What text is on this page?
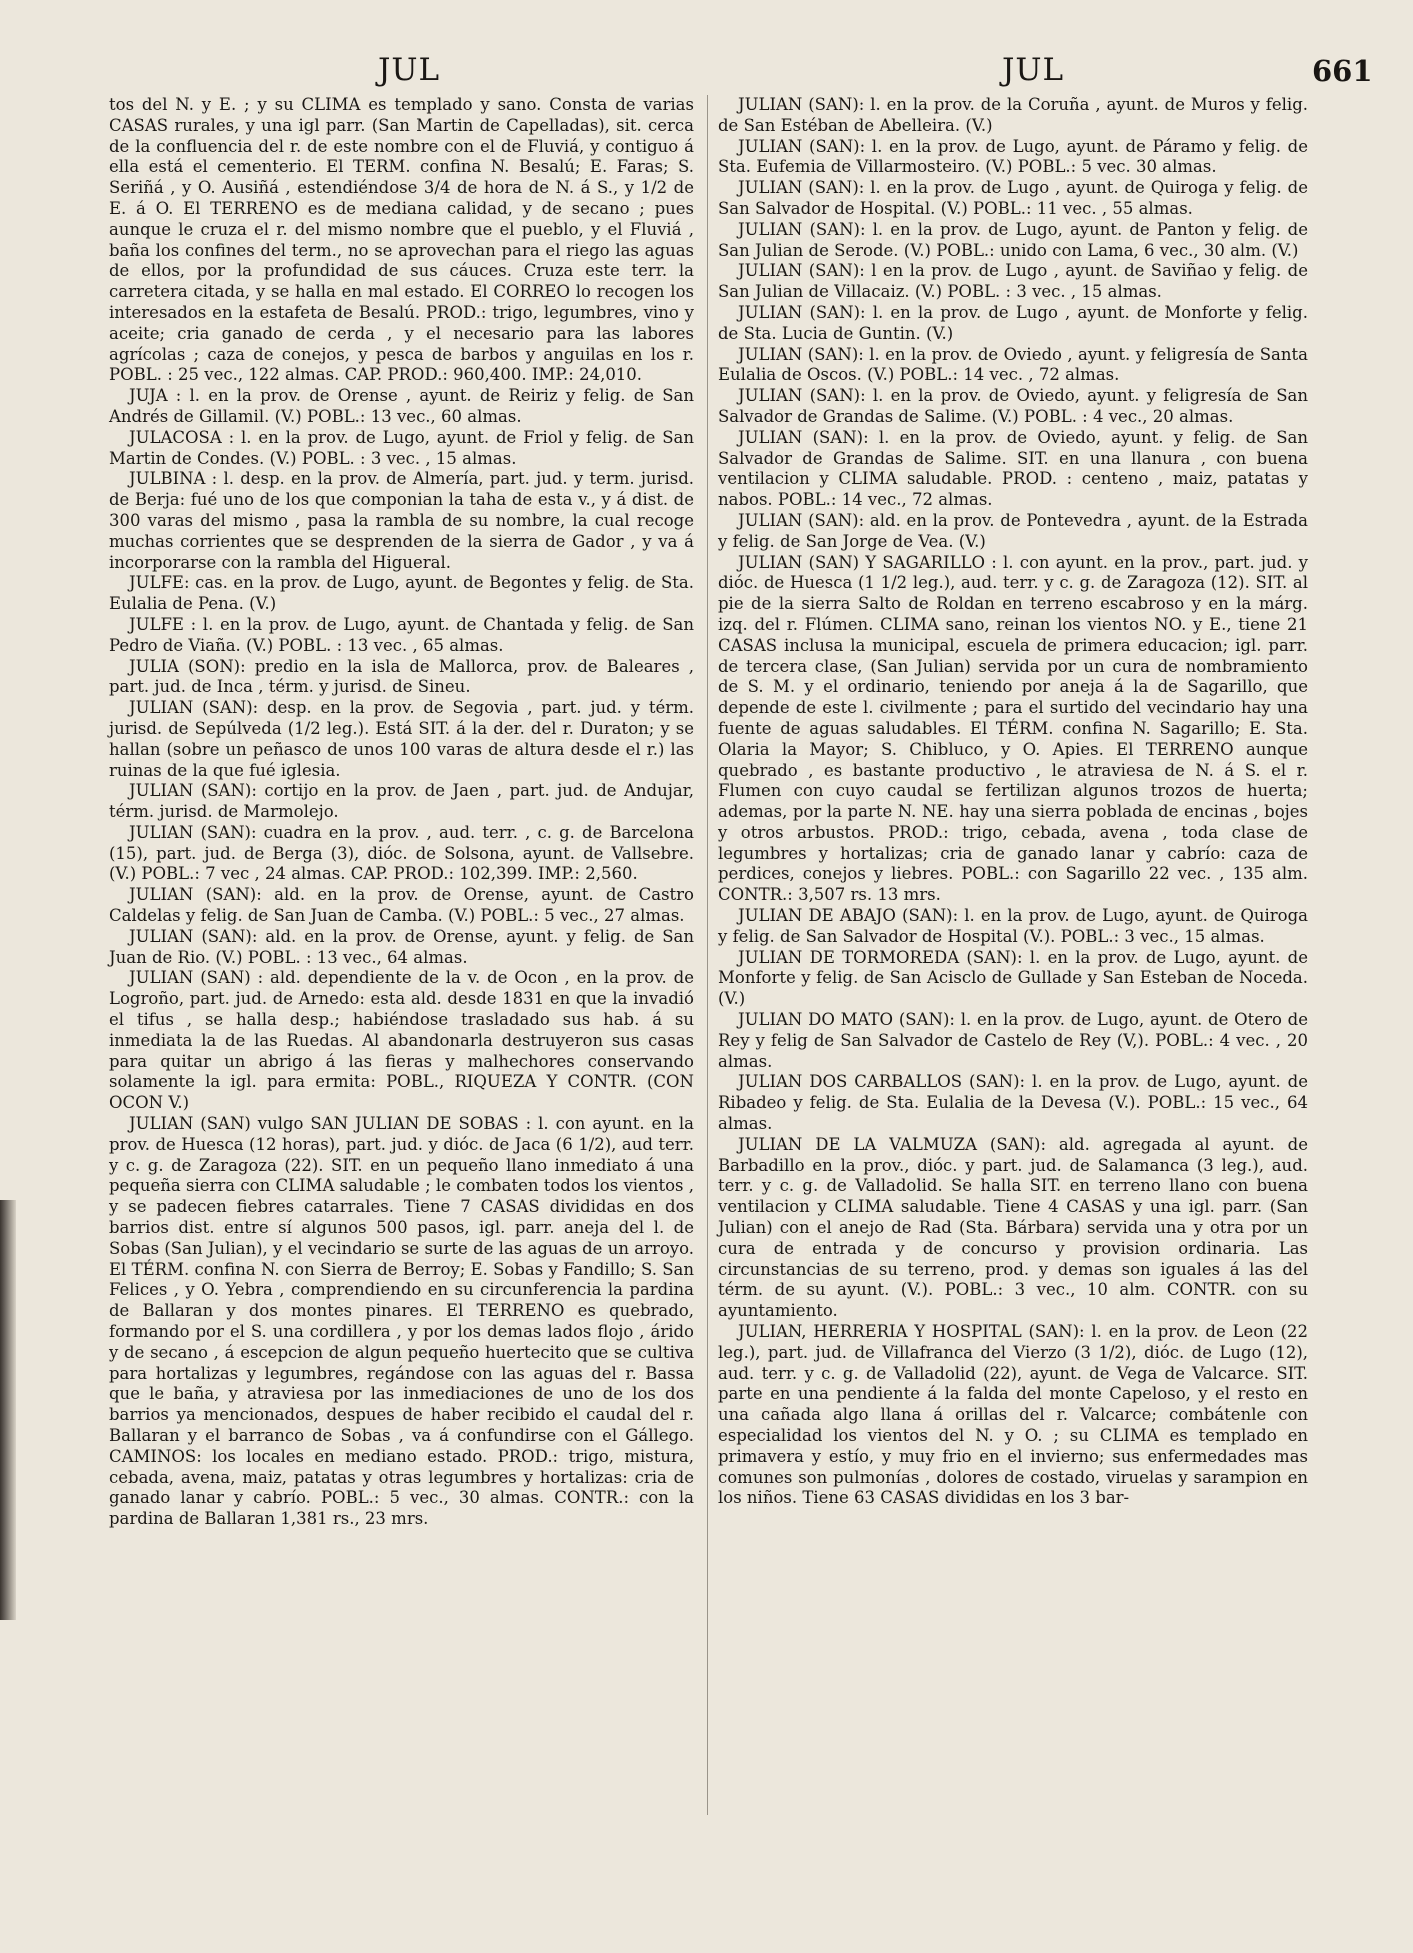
JUL	JUL	661

tos del N. y E. ; y su CLIMA es templado y sano. Consta de varias CASAS rurales, y una igl parr. (San Martin de Capelladas), sit. cerca de la confluencia del r. de este nombre con el de Fluviá, y contiguo á ella está el cementerio. El TERM. confina N. Besalú; E. Faras; S. Seriñá , y O. Ausiñá , estendiéndose 3/4 de hora de N. á S., y 1/2 de E. á O. El TERRENO es de mediana calidad, y de secano ; pues aunque le cruza el r. del mismo nombre que el pueblo, y el Fluviá , baña los confines del term., no se aprovechan para el riego las aguas de ellos, por la profundidad de sus cáuces. Cruza este terr. la carretera citada, y se halla en mal estado. El CORREO lo recogen los interesados en la estafeta de Besalú. PROD.: trigo, legumbres, vino y aceite; cria ganado de cerda , y el necesario para las labores agrícolas ; caza de conejos, y pesca de barbos y anguilas en los r. POBL. : 25 vec., 122 almas. CAP. PROD.: 960,400. IMP.: 24,010.

JUJA : l. en la prov. de Orense , ayunt. de Reiriz y felig. de San Andrés de Gillamil. (V.) POBL.: 13 vec., 60 almas.

JULACOSA : l. en la prov. de Lugo, ayunt. de Friol y felig. de San Martin de Condes. (V.) POBL. : 3 vec. , 15 almas.

JULBINA : l. desp. en la prov. de Almería, part. jud. y term. jurisd. de Berja: fué uno de los que componian la taha de esta v., y á dist. de 300 varas del mismo , pasa la rambla de su nombre, la cual recoge muchas corrientes que se desprenden de la sierra de Gador , y va á incorporarse con la rambla del Higueral.

JULFE: cas. en la prov. de Lugo, ayunt. de Begontes y felig. de Sta. Eulalia de Pena. (V.)

JULFE : l. en la prov. de Lugo, ayunt. de Chantada y felig. de San Pedro de Viaña. (V.) POBL. : 13 vec. , 65 almas.

JULIA (SON): predio en la isla de Mallorca, prov. de Baleares , part. jud. de Inca , térm. y jurisd. de Sineu.

JULIAN (SAN): desp. en la prov. de Segovia , part. jud. y térm. jurisd. de Sepúlveda (1/2 leg.). Está SIT. á la der. del r. Duraton; y se hallan (sobre un peñasco de unos 100 varas de altura desde el r.) las ruinas de la que fué iglesia.

JULIAN (SAN): cortijo en la prov. de Jaen , part. jud. de Andujar, térm. jurisd. de Marmolejo.

JULIAN (SAN): cuadra en la prov. , aud. terr. , c. g. de Barcelona (15), part. jud. de Berga (3), dióc. de Solsona, ayunt. de Vallsebre. (V.) POBL.: 7 vec , 24 almas. CAP. PROD.: 102,399. IMP.: 2,560.

JULIAN (SAN): ald. en la prov. de Orense, ayunt. de Castro Caldelas y felig. de San Juan de Camba. (V.) POBL.: 5 vec., 27 almas.

JULIAN (SAN): ald. en la prov. de Orense, ayunt. y felig. de San Juan de Rio. (V.) POBL. : 13 vec., 64 almas.

JULIAN (SAN) : ald. dependiente de la v. de Ocon , en la prov. de Logroño, part. jud. de Arnedo: esta ald. desde 1831 en que la invadió el tifus , se halla desp.; habiéndose trasladado sus hab. á su inmediata la de las Ruedas. Al abandonarla destruyeron sus casas para quitar un abrigo á las fieras y malhechores conservando solamente la igl. para ermita: POBL., RIQUEZA Y CONTR. (CON OCON V.)

JULIAN (SAN) vulgo SAN JULIAN DE SOBAS : l. con ayunt. en la prov. de Huesca (12 horas), part. jud. y dióc. de Jaca (6 1/2), aud terr. y c. g. de Zaragoza (22). SIT. en un pequeño llano inmediato á una pequeña sierra con CLIMA saludable ; le combaten todos los vientos , y se padecen fiebres catarrales. Tiene 7 CASAS divididas en dos barrios dist. entre sí algunos 500 pasos, igl. parr. aneja del l. de Sobas (San Julian), y el vecindario se surte de las aguas de un arroyo. El TÉRM. confina N. con Sierra de Berroy; E. Sobas y Fandillo; S. San Felices , y O. Yebra , comprendiendo en su circunferencia la pardina de Ballaran y dos montes pinares. El TERRENO es quebrado, formando por el S. una cordillera , y por los demas lados flojo , árido y de secano , á escepcion de algun pequeño huertecito que se cultiva para hortalizas y legumbres, regándose con las aguas del r. Bassa que le baña, y atraviesa por las inmediaciones de uno de los dos barrios ya mencionados, despues de haber recibido el caudal del r. Ballaran y el barranco de Sobas , va á confundirse con el Gállego. CAMINOS: los locales en mediano estado. PROD.: trigo, mistura, cebada, avena, maiz, patatas y otras legumbres y hortalizas: cria de ganado lanar y cabrío. POBL.: 5 vec., 30 almas. CONTR.: con la pardina de Ballaran 1,381 rs., 23 mrs.

JULIAN (SAN): l. en la prov. de la Coruña , ayunt. de Muros y felig. de San Estéban de Abelleira. (V.)

JULIAN (SAN): l. en la prov. de Lugo, ayunt. de Páramo y felig. de Sta. Eufemia de Villarmosteiro. (V.) POBL.: 5 vec. 30 almas.

JULIAN (SAN): l. en la prov. de Lugo , ayunt. de Quiroga y felig. de San Salvador de Hospital. (V.) POBL.: 11 vec. , 55 almas.

JULIAN (SAN): l. en la prov. de Lugo, ayunt. de Panton y felig. de San Julian de Serode. (V.) POBL.: unido con Lama, 6 vec., 30 alm. (V.)

JULIAN (SAN): l en la prov. de Lugo , ayunt. de Saviñao y felig. de San Julian de Villacaiz. (V.) POBL. : 3 vec. , 15 almas.

JULIAN (SAN): l. en la prov. de Lugo , ayunt. de Monforte y felig. de Sta. Lucia de Guntin. (V.)

JULIAN (SAN): l. en la prov. de Oviedo , ayunt. y feligresía de Santa Eulalia de Oscos. (V.) POBL.: 14 vec. , 72 almas.

JULIAN (SAN): l. en la prov. de Oviedo, ayunt. y feligresía de San Salvador de Grandas de Salime. (V.) POBL. : 4 vec., 20 almas.

JULIAN (SAN): l. en la prov. de Oviedo, ayunt. y felig. de San Salvador de Grandas de Salime. SIT. en una llanura , con buena ventilacion y CLIMA saludable. PROD. : centeno , maiz, patatas y nabos. POBL.: 14 vec., 72 almas.

JULIAN (SAN): ald. en la prov. de Pontevedra , ayunt. de la Estrada y felig. de San Jorge de Vea. (V.)

JULIAN (SAN) Y SAGARILLO : l. con ayunt. en la prov., part. jud. y dióc. de Huesca (1 1/2 leg.), aud. terr. y c. g. de Zaragoza (12). SIT. al pie de la sierra Salto de Roldan en terreno escabroso y en la márg. izq. del r. Flúmen. CLIMA sano, reinan los vientos NO. y E., tiene 21 CASAS inclusa la municipal, escuela de primera educacion; igl. parr. de tercera clase, (San Julian) servida por un cura de nombramiento de S. M. y el ordinario, teniendo por aneja á la de Sagarillo, que depende de este l. civilmente ; para el surtido del vecindario hay una fuente de aguas saludables. El TÉRM. confina N. Sagarillo; E. Sta. Olaria la Mayor; S. Chibluco, y O. Apies. El TERRENO aunque quebrado , es bastante productivo , le atraviesa de N. á S. el r. Flumen con cuyo caudal se fertilizan algunos trozos de huerta; ademas, por la parte N. NE. hay una sierra poblada de encinas , bojes y otros arbustos. PROD.: trigo, cebada, avena , toda clase de legumbres y hortalizas; cria de ganado lanar y cabrío: caza de perdices, conejos y liebres. POBL.: con Sagarillo 22 vec. , 135 alm. CONTR.: 3,507 rs. 13 mrs.

JULIAN DE ABAJO (SAN): l. en la prov. de Lugo, ayunt. de Quiroga y felig. de San Salvador de Hospital (V.). POBL.: 3 vec., 15 almas.

JULIAN DE TORMOREDA (SAN): l. en la prov. de Lugo, ayunt. de Monforte y felig. de San Acisclo de Gullade y San Esteban de Noceda. (V.)

JULIAN DO MATO (SAN): l. en la prov. de Lugo, ayunt. de Otero de Rey y felig de San Salvador de Castelo de Rey (V,). POBL.: 4 vec. , 20 almas.

JULIAN DOS CARBALLOS (SAN): l. en la prov. de Lugo, ayunt. de Ribadeo y felig. de Sta. Eulalia de la Devesa (V.). POBL.: 15 vec., 64 almas.

JULIAN DE LA VALMUZA (SAN): ald. agregada al ayunt. de Barbadillo en la prov., dióc. y part. jud. de Salamanca (3 leg.), aud. terr. y c. g. de Valladolid. Se halla SIT. en terreno llano con buena ventilacion y CLIMA saludable. Tiene 4 CASAS y una igl. parr. (San Julian) con el anejo de Rad (Sta. Bárbara) servida una y otra por un cura de entrada y de concurso y provision ordinaria. Las circunstancias de su terreno, prod. y demas son iguales á las del térm. de su ayunt. (V.). POBL.: 3 vec., 10 alm. CONTR. con su ayuntamiento.

JULIAN, HERRERIA Y HOSPITAL (SAN): l. en la prov. de Leon (22 leg.), part. jud. de Villafranca del Vierzo (3 1/2), dióc. de Lugo (12), aud. terr. y c. g. de Valladolid (22), ayunt. de Vega de Valcarce. SIT. parte en una pendiente á la falda del monte Capeloso, y el resto en una cañada algo llana á orillas del r. Valcarce; combátenle con especialidad los vientos del N. y O. ; su CLIMA es templado en primavera y estío, y muy frio en el invierno; sus enfermedades mas comunes son pulmonías , dolores de costado, viruelas y sarampion en los niños. Tiene 63 CASAS divididas en los 3 bar-
